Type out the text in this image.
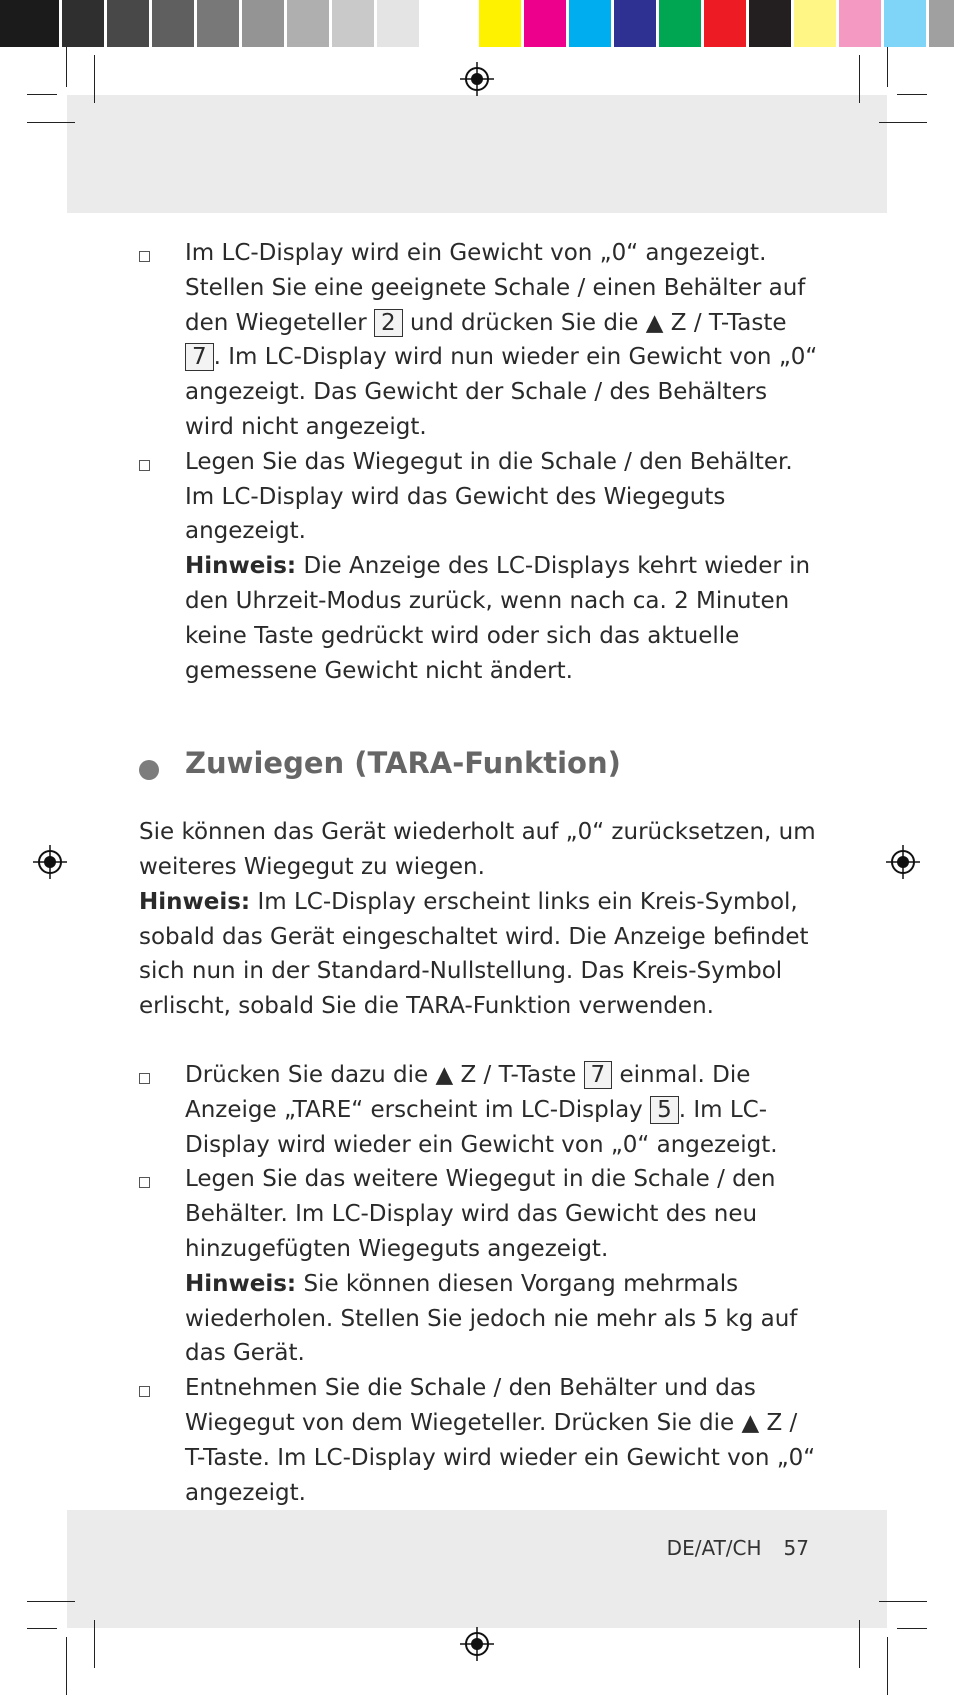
Im LC-Display wird ein Gewicht von „0“ angezeigt. Stellen Sie eine geeignete Schale / einen Behälter auf den Wiegeteller 2 und drücken Sie die ▲ Z / T-Taste 7 . Im LC-Display wird nun wieder ein Gewicht von „0“ angezeigt. Das Gewicht der Schale / des Behälters wird nicht angezeigt.
Legen Sie das Wiegegut in die Schale / den Behälter. Im LC-Display wird das Gewicht des Wiegeguts angezeigt.
Hinweis: Die Anzeige des LC-Displays kehrt wieder in den Uhrzeit-Modus zurück, wenn nach ca. 2 Minuten keine Taste gedrückt wird oder sich das aktuelle gemessene Gewicht nicht ändert.
Zuwiegen (TARA-Funktion)

Sie können das Gerät wiederholt auf „0“ zurücksetzen, um weiteres Wiegegut zu wiegen.
Hinweis: Im LC-Display erscheint links ein Kreis-Symbol, sobald das Gerät eingeschaltet wird. Die Anzeige befindet sich nun in der Standard-Nullstellung. Das Kreis-Symbol erlischt, sobald Sie die TARA-Funktion verwenden.

Drücken Sie dazu die ▲ Z / T-Taste 7 einmal. Die Anzeige „TARE“ erscheint im LC-Display 5 . Im LC-Display wird wieder ein Gewicht von „0“ angezeigt.
Legen Sie das weitere Wiegegut in die Schale / den Behälter. Im LC-Display wird das Gewicht des neu hinzugefügten Wiegeguts angezeigt.
Hinweis: Sie können diesen Vorgang mehrmals wiederholen. Stellen Sie jedoch nie mehr als 5 kg auf das Gerät.
Entnehmen Sie die Schale / den Behälter und das Wiegegut von dem Wiegeteller. Drücken Sie die ▲ Z / T-Taste. Im LC-Display wird wieder ein Gewicht von „0“ angezeigt.
DE/AT/CH 57
